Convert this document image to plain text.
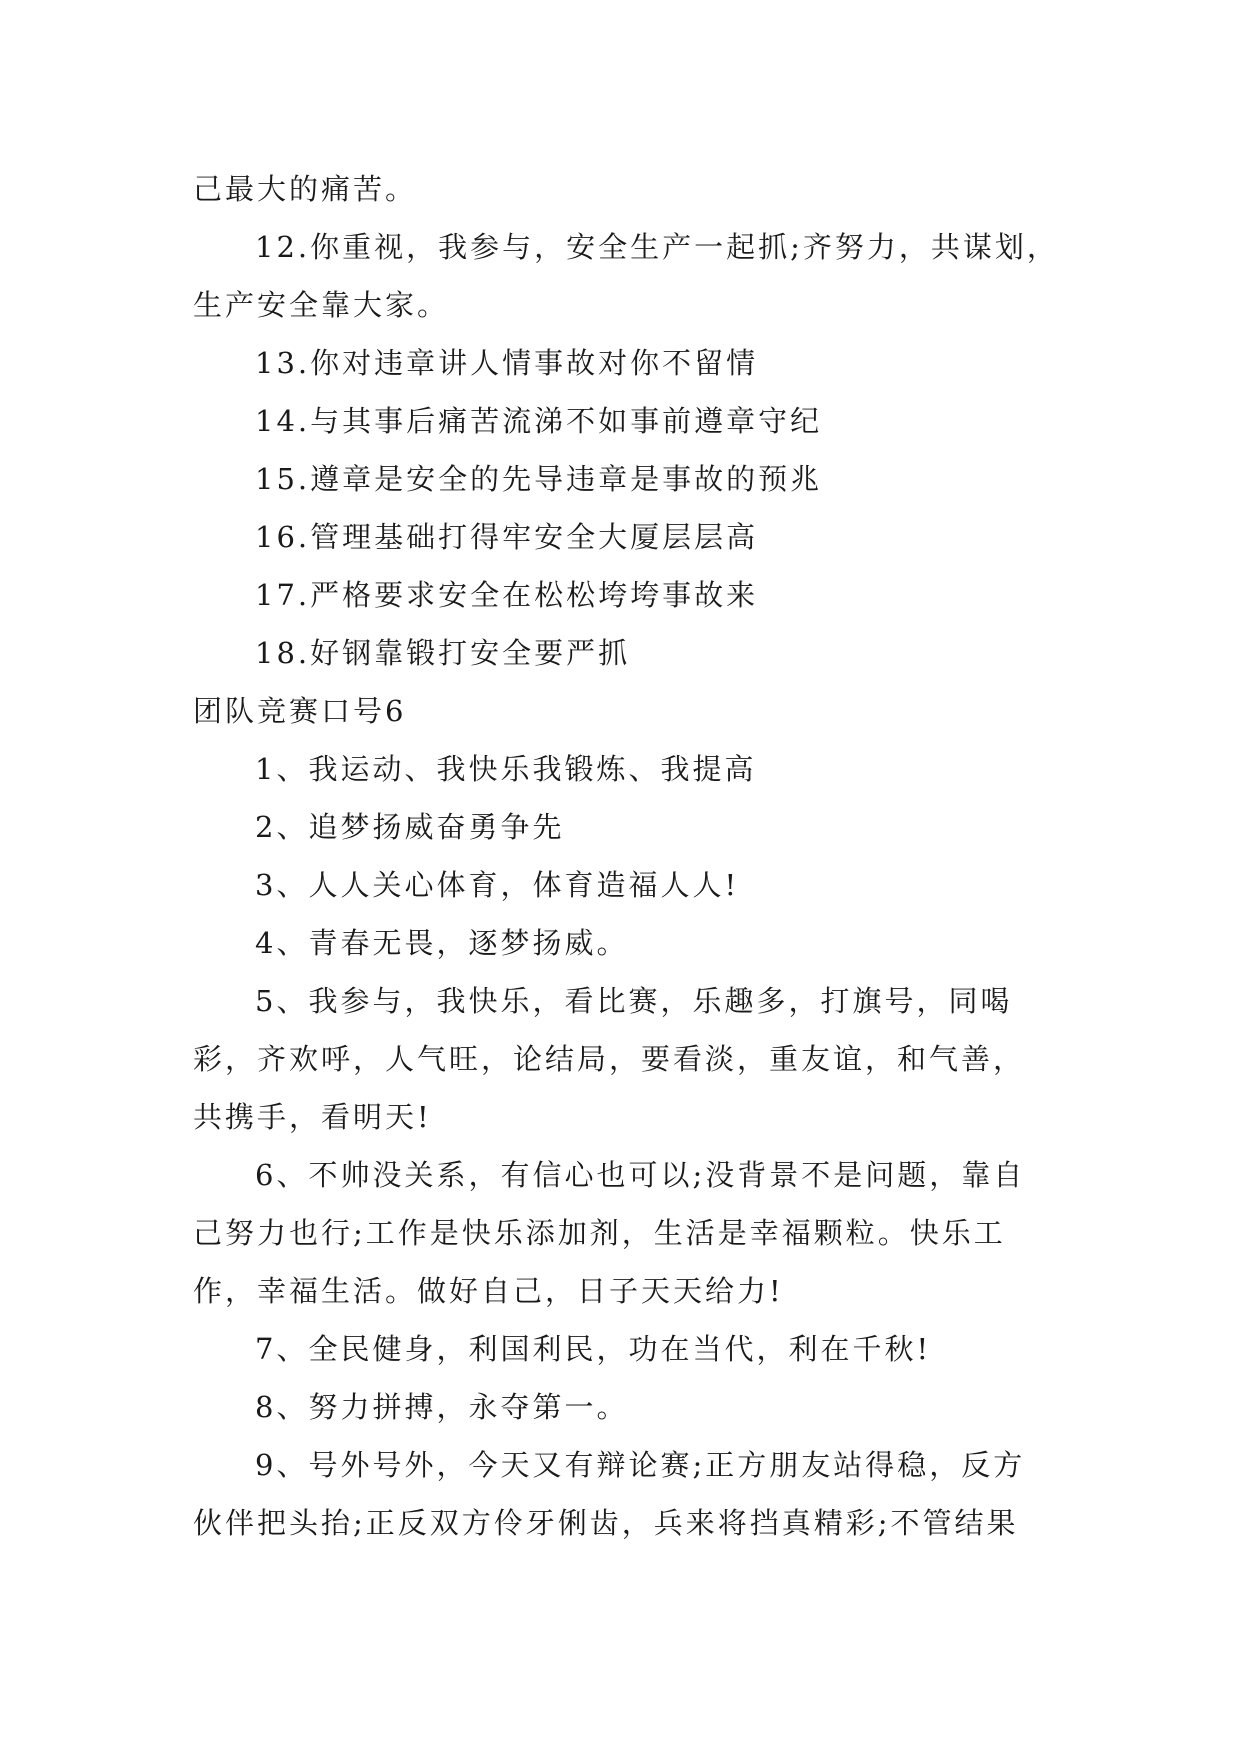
己最大的痛苦。

12.你重视，我参与，安全生产一起抓;齐努力，共谋划，

生产安全靠大家。

13.你对违章讲人情事故对你不留情

14.与其事后痛苦流涕不如事前遵章守纪

15.遵章是安全的先导违章是事故的预兆

16.管理基础打得牢安全大厦层层高

17.严格要求安全在松松垮垮事故来

18.好钢靠锻打安全要严抓

团队竞赛口号6

1、我运动、我快乐我锻炼、我提高

2、追梦扬威奋勇争先

3、人人关心体育，体育造福人人!

4、青春无畏，逐梦扬威。

5、我参与，我快乐，看比赛，乐趣多，打旗号，同喝

彩，齐欢呼，人气旺，论结局，要看淡，重友谊，和气善，

共携手，看明天!

6、不帅没关系，有信心也可以;没背景不是问题，靠自

己努力也行;工作是快乐添加剂，生活是幸福颗粒。快乐工

作，幸福生活。做好自己，日子天天给力!

7、全民健身，利国利民，功在当代，利在千秋!

8、努力拼搏，永夺第一。

9、号外号外，今天又有辩论赛;正方朋友站得稳，反方

伙伴把头抬;正反双方伶牙俐齿，兵来将挡真精彩;不管结果
